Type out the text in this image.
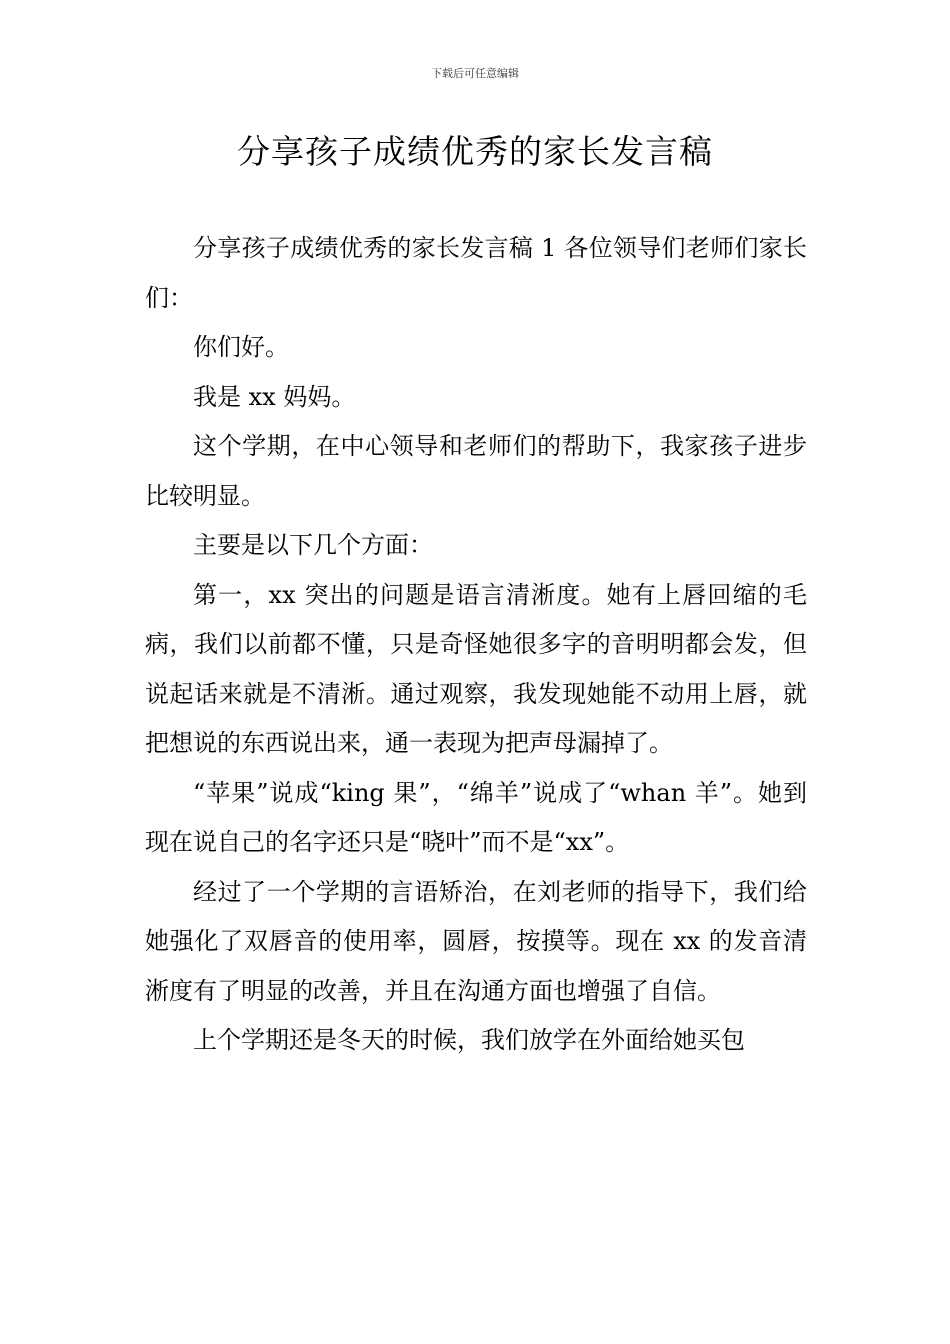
下载后可任意编辑
分享孩子成绩优秀的家长发言稿

分享孩子成绩优秀的家长发言稿 1 各位领导们老师们家长们：

你们好。

我是 xx 妈妈。

这个学期，在中心领导和老师们的帮助下，我家孩子进步比较明显。

主要是以下几个方面：

第一，xx 突出的问题是语言清淅度。她有上唇回缩的毛病，我们以前都不懂，只是奇怪她很多字的音明明都会发，但说起话来就是不清淅。通过观察，我发现她能不动用上唇，就把想说的东西说出来，通一表现为把声母漏掉了。

“苹果”说成“king 果”，“绵羊”说成了“whan 羊”。她到现在说自己的名字还只是“晓叶”而不是“xx”。

经过了一个学期的言语矫治，在刘老师的指导下，我们给她强化了双唇音的使用率，圆唇，按摸等。现在 xx 的发音清淅度有了明显的改善，并且在沟通方面也增强了自信。

上个学期还是冬天的时候，我们放学在外面给她买包
